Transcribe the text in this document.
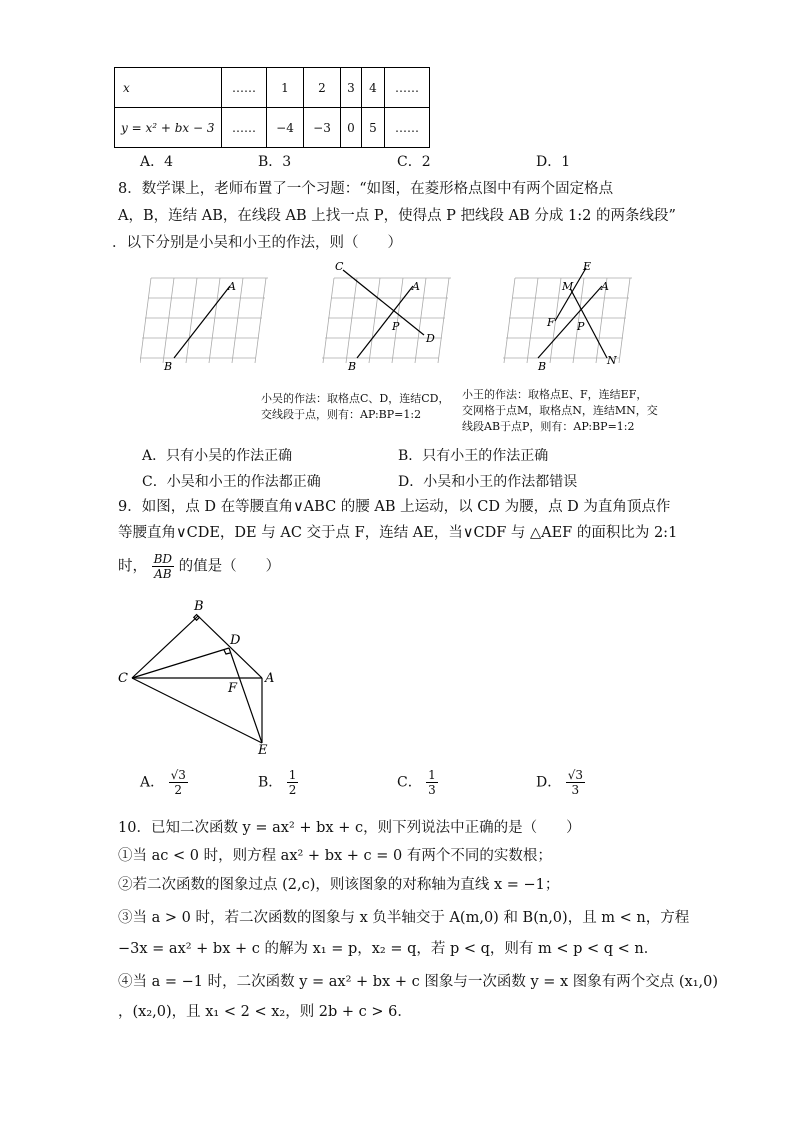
x	……	1	2	3	4	……
y = x² + bx − 3	……	−4	−3	0	5	……
A．4	B．3	C．2	D．1
8．数学课上，老师布置了一个习题：“如图，在菱形格点图中有两个固定格点
A，B，连结 AB，在线段 AB 上找一点 P，使得点 P 把线段 AB 分成 1:2 的两条线段”
．以下分别是小吴和小王的作法，则（　　）
B
A
C
D
A
P
B
E
M	A
F P
N
B
小吴的作法：取格点C、D，连结CD，
交线段于点，则有：AP:BP=1:2
小王的作法：取格点E、F，连结EF，
交网格于点M，取格点N，连结MN，交
线段AB于点P，则有：AP:BP=1:2
A．只有小吴的作法正确	B．只有小王的作法正确
C．小吴和小王的作法都正确	D．小吴和小王的作法都错误
9．如图，点 D 在等腰直角∨ABC 的腰 AB 上运动，以 CD 为腰，点 D 为直角顶点作
等腰直角∨CDE，DE 与 AC 交于点 F，连结 AE，当∨CDF 与 △AEF 的面积比为 2:1
时， $\frac{BD}{AB}$ 的值是（　　）
B
D
C
F
A
E
A． $\frac{√3}{2}$	B． $\frac{1}{2}$	C． $\frac{1}{3}$	D． $\frac{√3}{3}$
10．已知二次函数 y = ax² + bx + c，则下列说法中正确的是（　　）
①当 ac < 0 时，则方程 ax² + bx + c = 0 有两个不同的实数根；
②若二次函数的图象过点 (2,c)，则该图象的对称轴为直线 x = −1；
③当 a > 0 时，若二次函数的图象与 x 负半轴交于 A(m,0) 和 B(n,0)，且 m < n，方程
−3x = ax² + bx + c 的解为 x₁ = p，x₂ = q，若 p < q，则有 m < p < q < n．
④当 a = −1 时，二次函数 y = ax² + bx + c 图象与一次函数 y = x 图象有两个交点 (x₁,0)
，(x₂,0)，且 x₁ < 2 < x₂，则 2b + c > 6．
